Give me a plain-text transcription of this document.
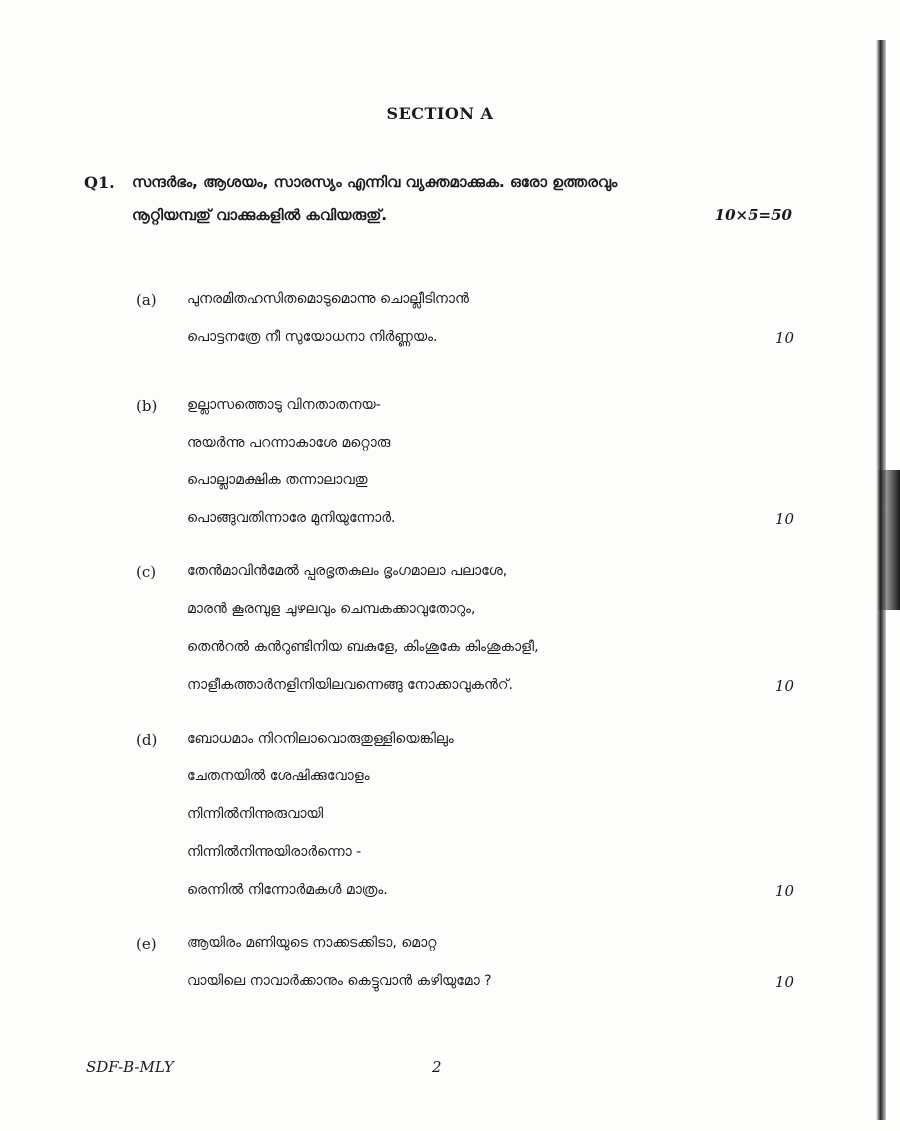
SECTION A
Q1. സന്ദർഭം, ആശയം, സാരസ്യം എന്നിവ വ്യക്തമാക്കുക. ഒരോ ഉത്തരവും
നൂറ്റിയമ്പതു് വാക്കുകളിൽ കവിയരുതു്.	10×5=50
(a) പുനരമിതഹസിതമൊടുമൊന്നു ചൊല്ലീടിനാൻ
പൊട്ടനത്രേ നീ സുയോധനാ നിർണ്ണയം.	10
(b) ഉല്ലാസത്തൊടു വിനതാതനയ-
നുയർന്നു പറന്നാകാശേ മറ്റൊരു
പൊല്ലാമക്ഷിക തന്നാലാവതു
പൊങ്ങുവതിന്നാരേ മുനിയുന്നോർ.	10
(c) തേൻമാവിൻമേൽ പ്പരഭൃതകുലം ഭൃംഗമാലാ പലാശേ,
മാരൻ കൂരമ്പുള ചുഴലവും ചെമ്പകക്കാവുതോറും,
തെൻറൽ കൻറുണ്ടിനിയ ബകുളേ, കിംശുകേ കിംശുകാളീ,
നാളീകത്താർനളിനിയിലവന്നെങ്ങു നോക്കാവുകൻറ്.	10
(d) ബോധമാം നിറനിലാവൊരുതുള്ളിയെങ്കിലും
ചേതനയിൽ ശേഷിക്കുവോളം
നിന്നിൽനിന്നുരുവായി
നിന്നിൽനിന്നുയിരാർന്നൊ -
രെന്നിൽ നിന്നോർമകൾ മാത്രം.	10
(e) ആയിരം മണിയുടെ നാക്കടക്കിടാ, മൊറ്റ
വായിലെ നാവാർക്കാനും കെട്ടുവാൻ കഴിയുമോ ?	10
SDF-B-MLY	2
